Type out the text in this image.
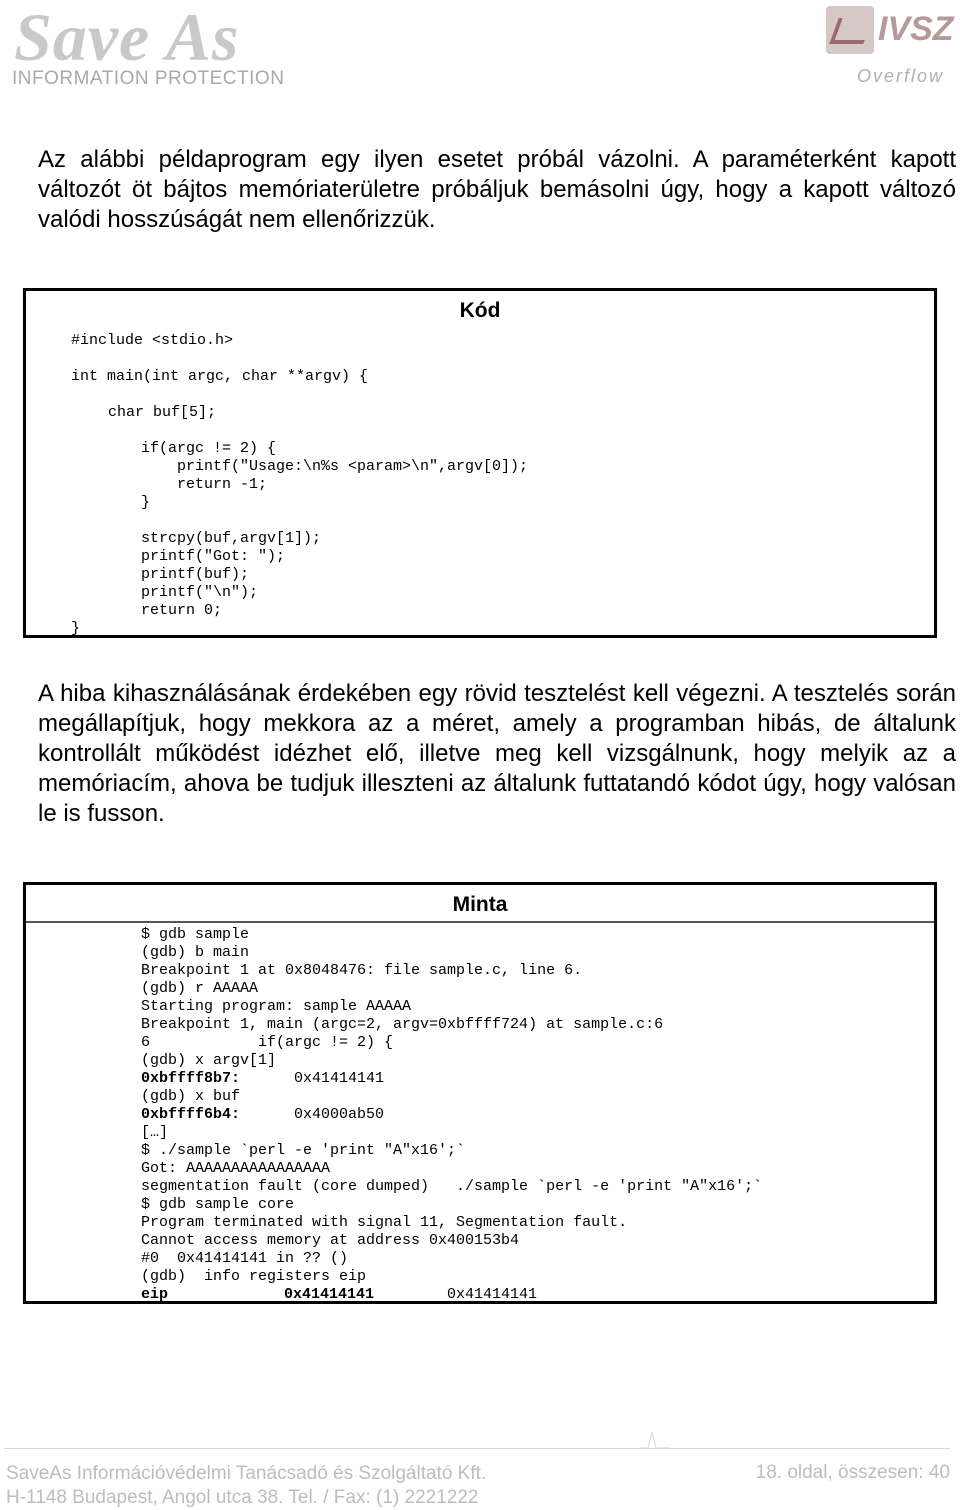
Save As
INFORMATION PROTECTION
IVSZ
Overflow
Az alábbi példaprogram egy ilyen esetet próbál vázolni. A paraméterként kapott változót öt bájtos memóriaterületre próbáljuk bemásolni úgy, hogy a kapott változó valódi hosszúságát nem ellenőrizzük.
Kód
#include <stdio.h>
int main(int argc, char **argv) {
char buf[5];
if(argc != 2) {
printf("Usage:\n%s <param>\n",argv[0]);
return -1;
}
strcpy(buf,argv[1]);
printf("Got: ");
printf(buf);
printf("\n");
return 0;
}
A hiba kihasználásának érdekében egy rövid tesztelést kell végezni. A tesztelés során megállapítjuk, hogy mekkora az a méret, amely a programban hibás, de általunk kontrollált működést idézhet elő, illetve meg kell vizsgálnunk, hogy melyik az a memóriacím, ahova be tudjuk illeszteni az általunk futtatandó kódot úgy, hogy valósan le is fusson.
Minta
$ gdb sample
(gdb) b main
Breakpoint 1 at 0x8048476: file sample.c, line 6.
(gdb) r AAAAA
Starting program: sample AAAAA
Breakpoint 1, main (argc=2, argv=0xbffff724) at sample.c:6
6            if(argc != 2) {
(gdb) x argv[1]
0xbffff8b7:	0x41414141
(gdb) x buf
0xbffff6b4:	0x4000ab50
[…]
$ ./sample `perl -e 'print "A"x16';`
Got: AAAAAAAAAAAAAAAA
segmentation fault (core dumped)   ./sample `perl -e 'print "A"x16';`
$ gdb sample core
Program terminated with signal 11, Segmentation fault.
Cannot access memory at address 0x400153b4
#0  0x41414141 in ?? ()
(gdb)  info registers eip
eip	0x41414141	0x41414141
SaveAs Információvédelmi Tanácsadó és Szolgáltató Kft.
H-1148 Budapest, Angol utca 38. Tel. / Fax: (1) 2221222
18. oldal, összesen: 40
